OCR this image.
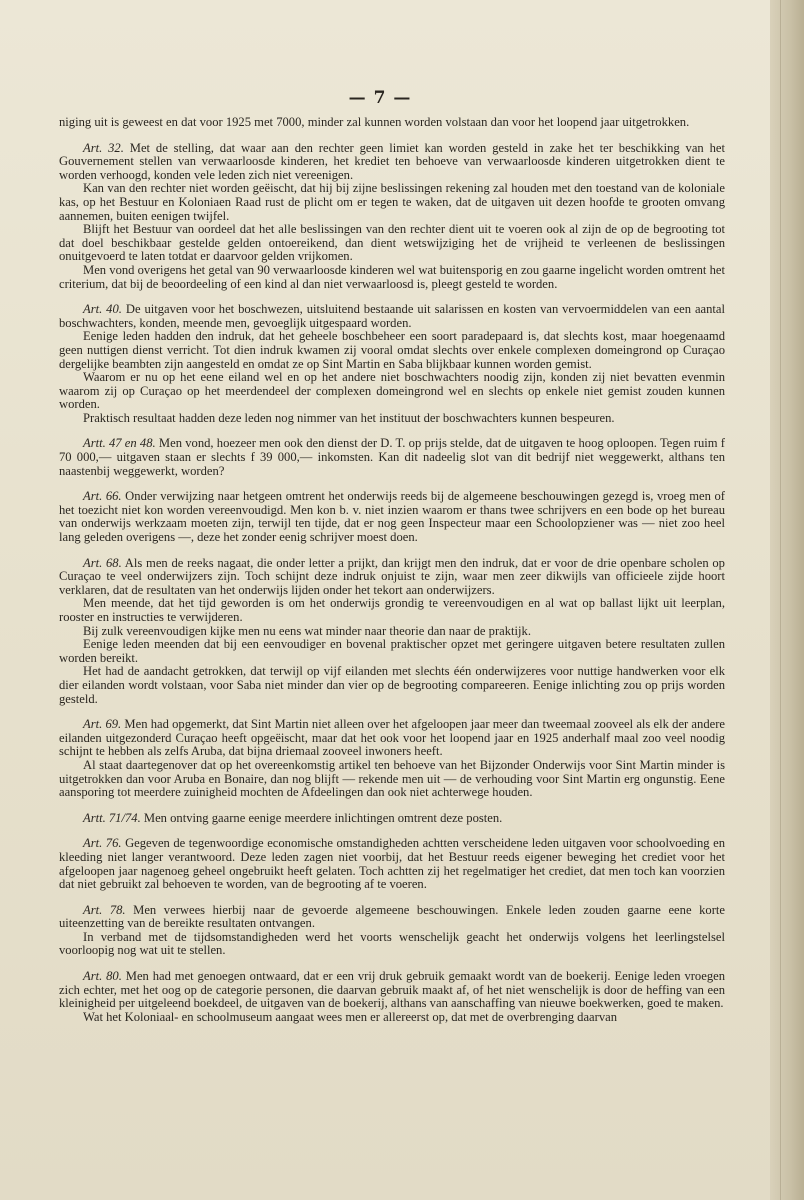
— 7 —

niging uit is geweest en dat voor 1925 met 7000, minder zal kunnen worden volstaan dan voor het loopend jaar uitgetrokken.

Art. 32. Met de stelling, dat waar aan den rechter geen limiet kan worden gesteld in zake het ter beschikking van het Gouvernement stellen van verwaarloosde kinderen, het krediet ten behoeve van verwaarloosde kinderen uitgetrokken dient te worden verhoogd, konden vele leden zich niet vereenigen.

Kan van den rechter niet worden geëischt, dat hij bij zijne beslissingen rekening zal houden met den toestand van de koloniale kas, op het Bestuur en Koloniaen Raad rust de plicht om er tegen te waken, dat de uitgaven uit dezen hoofde te grooten omvang aannemen, buiten eenigen twijfel.

Blijft het Bestuur van oordeel dat het alle beslissingen van den rechter dient uit te voeren ook al zijn de op de begrooting tot dat doel beschikbaar gestelde gelden ontoereikend, dan dient wetswijziging het de vrijheid te verleenen de beslissingen onuitgevoerd te laten totdat er daarvoor gelden vrijkomen.

Men vond overigens het getal van 90 verwaarloosde kinderen wel wat buitensporig en zou gaarne ingelicht worden omtrent het criterium, dat bij de beoordeeling of een kind al dan niet verwaarloosd is, pleegt gesteld te worden.

Art. 40. De uitgaven voor het boschwezen, uitsluitend bestaande uit salarissen en kosten van vervoermiddelen van een aantal boschwachters, konden, meende men, gevoeglijk uitgespaard worden.

Eenige leden hadden den indruk, dat het geheele boschbeheer een soort paradepaard is, dat slechts kost, maar hoegenaamd geen nuttigen dienst verricht. Tot dien indruk kwamen zij vooral omdat slechts over enkele complexen domeingrond op Curaçao dergelijke beambten zijn aangesteld en omdat ze op Sint Martin en Saba blijkbaar kunnen worden gemist.

Waarom er nu op het eene eiland wel en op het andere niet boschwachters noodig zijn, konden zij niet bevatten evenmin waarom zij op Curaçao op het meerdendeel der complexen domeingrond wel en slechts op enkele niet gemist zouden kunnen worden.

Praktisch resultaat hadden deze leden nog nimmer van het instituut der boschwachters kunnen bespeuren.

Artt. 47 en 48. Men vond, hoezeer men ook den dienst der D. T. op prijs stelde, dat de uitgaven te hoog oploopen. Tegen ruim f 70 000,— uitgaven staan er slechts f 39 000,— inkomsten. Kan dit nadeelig slot van dit bedrijf niet weggewerkt, althans ten naastenbij weggewerkt, worden?

Art. 66. Onder verwijzing naar hetgeen omtrent het onderwijs reeds bij de algemeene beschouwingen gezegd is, vroeg men of het toezicht niet kon worden vereenvoudigd. Men kon b. v. niet inzien waarom er thans twee schrijvers en een bode op het bureau van onderwijs werkzaam moeten zijn, terwijl ten tijde, dat er nog geen Inspecteur maar een Schoolopziener was — niet zoo heel lang geleden overigens —, deze het zonder eenig schrijver moest doen.

Art. 68. Als men de reeks nagaat, die onder letter a prijkt, dan krijgt men den indruk, dat er voor de drie openbare scholen op Curaçao te veel onderwijzers zijn. Toch schijnt deze indruk onjuist te zijn, waar men zeer dikwijls van officieele zijde hoort verklaren, dat de resultaten van het onderwijs lijden onder het tekort aan onderwijzers.

Men meende, dat het tijd geworden is om het onderwijs grondig te vereenvoudigen en al wat op ballast lijkt uit leerplan, rooster en instructies te verwijderen.

Bij zulk vereenvoudigen kijke men nu eens wat minder naar theorie dan naar de praktijk.

Eenige leden meenden dat bij een eenvoudiger en bovenal praktischer opzet met geringere uitgaven betere resultaten zullen worden bereikt.

Het had de aandacht getrokken, dat terwijl op vijf eilanden met slechts één onderwijzeres voor nuttige handwerken voor elk dier eilanden wordt volstaan, voor Saba niet minder dan vier op de begrooting compareeren. Eenige inlichting zou op prijs worden gesteld.

Art. 69. Men had opgemerkt, dat Sint Martin niet alleen over het afgeloopen jaar meer dan tweemaal zooveel als elk der andere eilanden uitgezonderd Curaçao heeft opgeëischt, maar dat het ook voor het loopend jaar en 1925 anderhalf maal zoo veel noodig schijnt te hebben als zelfs Aruba, dat bijna driemaal zooveel inwoners heeft.

Al staat daartegenover dat op het overeenkomstig artikel ten behoeve van het Bijzonder Onderwijs voor Sint Martin minder is uitgetrokken dan voor Aruba en Bonaire, dan nog blijft — rekende men uit — de verhouding voor Sint Martin erg ongunstig. Eene aansporing tot meerdere zuinigheid mochten de Afdeelingen dan ook niet achterwege houden.

Artt. 71/74. Men ontving gaarne eenige meerdere inlichtingen omtrent deze posten.

Art. 76. Gegeven de tegenwoordige economische omstandigheden achtten verscheidene leden uitgaven voor schoolvoeding en kleeding niet langer verantwoord. Deze leden zagen niet voorbij, dat het Bestuur reeds eigener beweging het crediet voor het afgeloopen jaar nagenoeg geheel ongebruikt heeft gelaten. Toch achtten zij het regelmatiger het crediet, dat men toch kan voorzien dat niet gebruikt zal behoeven te worden, van de begrooting af te voeren.

Art. 78. Men verwees hierbij naar de gevoerde algemeene beschouwingen. Enkele leden zouden gaarne eene korte uiteenzetting van de bereikte resultaten ontvangen.

In verband met de tijdsomstandigheden werd het voorts wenschelijk geacht het onderwijs volgens het leerlingstelsel voorloopig nog wat uit te stellen.

Art. 80. Men had met genoegen ontwaard, dat er een vrij druk gebruik gemaakt wordt van de boekerij. Eenige leden vroegen zich echter, met het oog op de categorie personen, die daarvan gebruik maakt af, of het niet wenschelijk is door de heffing van een kleinigheid per uitgeleend boekdeel, de uitgaven van de boekerij, althans van aanschaffing van nieuwe boekwerken, goed te maken.

Wat het Koloniaal- en schoolmuseum aangaat wees men er allereerst op, dat met de overbrenging daarvan
